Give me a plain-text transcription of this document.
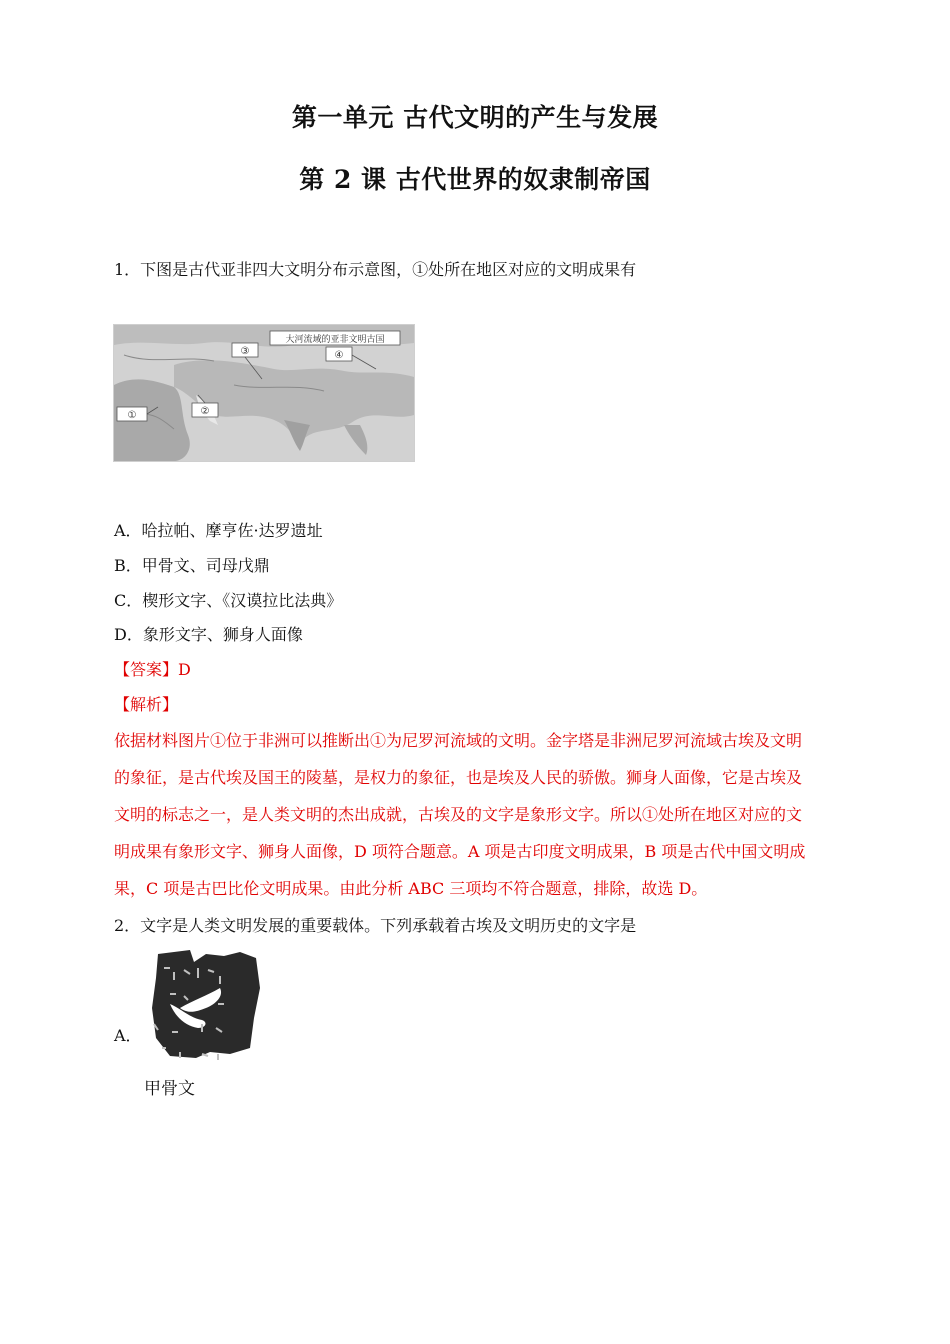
第一单元 古代文明的产生与发展
第 2 课 古代世界的奴隶制帝国
1．下图是古代亚非四大文明分布示意图，①处所在地区对应的文明成果有
大河流域的亚非文明古国
①	②
③	④
A．哈拉帕、摩亨佐·达罗遗址
B．甲骨文、司母戊鼎
C．楔形文字、《汉谟拉比法典》
D．象形文字、狮身人面像
【答案】D
【解析】
依据材料图片①位于非洲可以推断出①为尼罗河流域的文明。金字塔是非洲尼罗河流域古埃及文明
的象征，是古代埃及国王的陵墓，是权力的象征，也是埃及人民的骄傲。狮身人面像，它是古埃及
文明的标志之一，是人类文明的杰出成就，古埃及的文字是象形文字。所以①处所在地区对应的文
明成果有象形文字、狮身人面像，D 项符合题意。A 项是古印度文明成果，B 项是古代中国文明成
果，C 项是古巴比伦文明成果。由此分析 ABC 三项均不符合题意，排除，故选 D。
2．文字是人类文明发展的重要载体。下列承载着古埃及文明历史的文字是
A．
甲骨文
